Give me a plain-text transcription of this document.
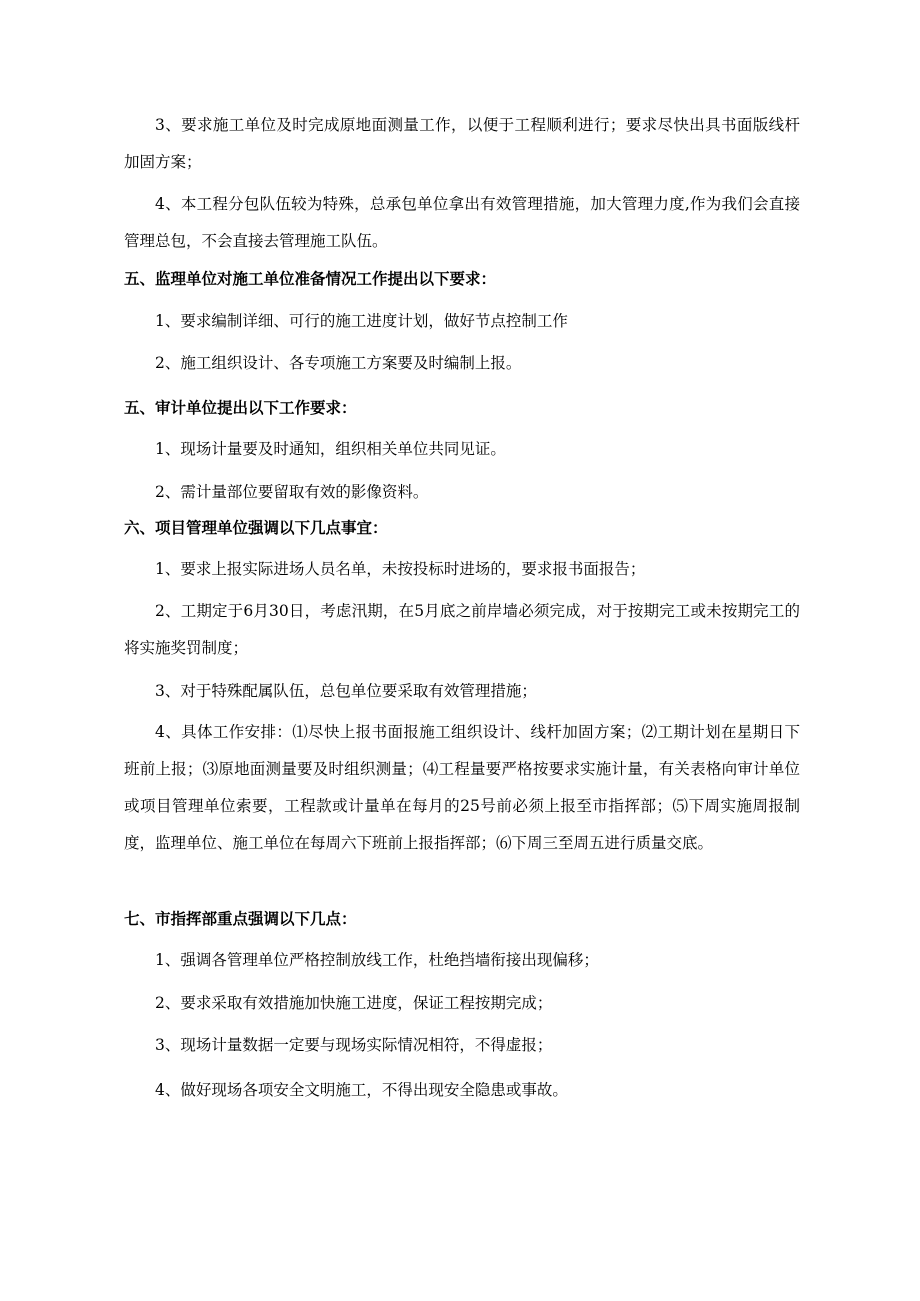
3、要求施工单位及时完成原地面测量工作，以便于工程顺利进行；要求尽快出具书面版线杆加固方案；

4、本工程分包队伍较为特殊，总承包单位拿出有效管理措施，加大管理力度,作为我们会直接管理总包，不会直接去管理施工队伍。

五、监理单位对施工单位准备情况工作提出以下要求：

1、要求编制详细、可行的施工进度计划，做好节点控制工作

2、施工组织设计、各专项施工方案要及时编制上报。

五、审计单位提出以下工作要求：

1、现场计量要及时通知，组织相关单位共同见证。

2、需计量部位要留取有效的影像资料。

六、项目管理单位强调以下几点事宜：

1、要求上报实际进场人员名单，未按投标时进场的，要求报书面报告；

2、工期定于6月30日，考虑汛期，在5月底之前岸墙必须完成，对于按期完工或未按期完工的将实施奖罚制度；

3、对于特殊配属队伍，总包单位要采取有效管理措施；

4、具体工作安排：⑴尽快上报书面报施工组织设计、线杆加固方案；⑵工期计划在星期日下班前上报；⑶原地面测量要及时组织测量；⑷工程量要严格按要求实施计量，有关表格向审计单位或项目管理单位索要，工程款或计量单在每月的25号前必须上报至市指挥部；⑸下周实施周报制度，监理单位、施工单位在每周六下班前上报指挥部；⑹下周三至周五进行质量交底。

七、市指挥部重点强调以下几点：

1、强调各管理单位严格控制放线工作，杜绝挡墙衔接出现偏移；

2、要求采取有效措施加快施工进度，保证工程按期完成；

3、现场计量数据一定要与现场实际情况相符，不得虚报；

4、做好现场各项安全文明施工，不得出现安全隐患或事故。
